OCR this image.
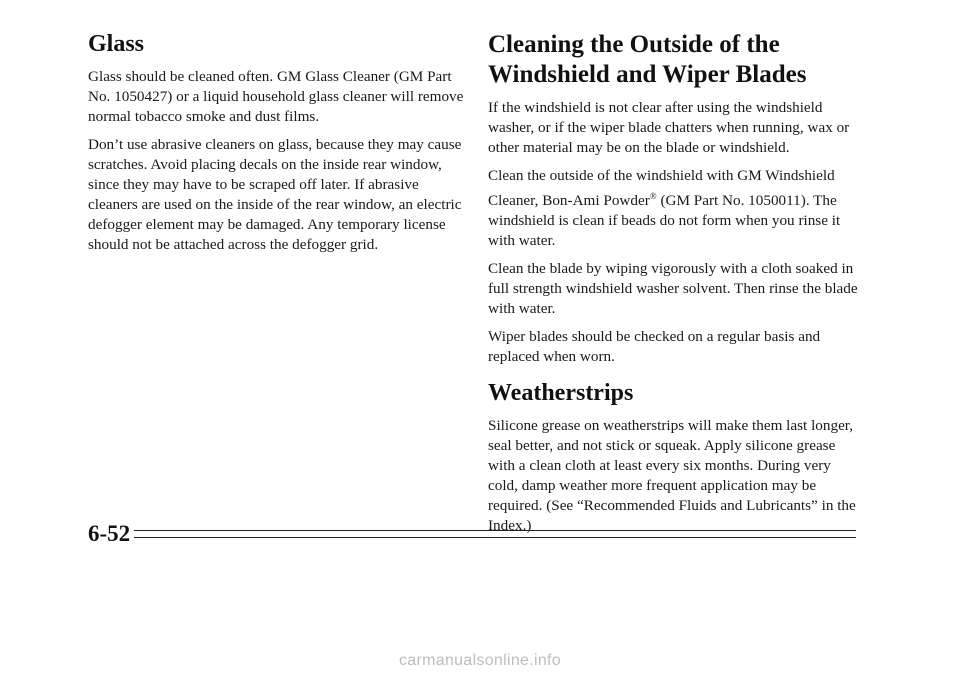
Glass

Glass should be cleaned often. GM Glass Cleaner (GM Part No. 1050427) or a liquid household glass cleaner will remove normal tobacco smoke and dust films.

Don’t use abrasive cleaners on glass, because they may cause scratches. Avoid placing decals on the inside rear window, since they may have to be scraped off later. If abrasive cleaners are used on the inside of the rear window, an electric defogger element may be damaged. Any temporary license should not be attached across the defogger grid.

Cleaning the Outside of the
Windshield and Wiper Blades

If the windshield is not clear after using the windshield washer, or if the wiper blade chatters when running, wax or other material may be on the blade or windshield.

Clean the outside of the windshield with GM Windshield Cleaner, Bon-Ami Powder® (GM Part No. 1050011). The windshield is clean if beads do not form when you rinse it with water.

Clean the blade by wiping vigorously with a cloth soaked in full strength windshield washer solvent. Then rinse the blade with water.

Wiper blades should be checked on a regular basis and replaced when worn.

Weatherstrips

Silicone grease on weatherstrips will make them last longer, seal better, and not stick or squeak. Apply silicone grease with a clean cloth at least every six months. During very cold, damp weather more frequent application may be required. (See “Recommended Fluids and Lubricants” in the Index.)

6-52
carmanualsonline.info
